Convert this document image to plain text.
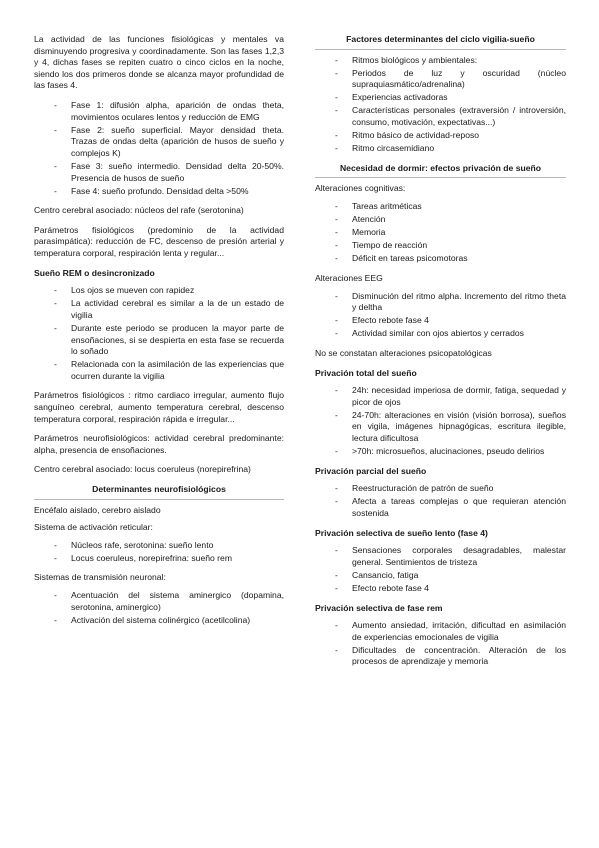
La actividad de las funciones fisiológicas y mentales va disminuyendo progresiva y coordinadamente. Son las fases 1,2,3 y 4, dichas fases se repiten cuatro o cinco ciclos en la noche, siendo los dos primeros donde se alcanza mayor profundidad de las fases 4.

- Fase 1: difusión alpha, aparición de ondas theta, movimientos oculares lentos y reducción de EMG
- Fase 2: sueño superficial. Mayor densidad theta. Trazas de ondas delta (aparición de husos de sueño y complejos K)
- Fase 3: sueño intermedio. Densidad delta 20-50%. Presencia de husos de sueño
- Fase 4: sueño profundo. Densidad delta >50%

Centro cerebral asociado: núcleos del rafe (serotonina)

Parámetros fisiológicos (predominio de la actividad parasimpática): reducción de FC, descenso de presión arterial y temperatura corporal, respiración lenta y regular...

Sueño REM o desincronizado
- Los ojos se mueven con rapidez
- La actividad cerebral es similar a la de un estado de vigilia
- Durante este periodo se producen la mayor parte de ensoñaciones, si se despierta en esta fase se recuerda lo soñado
- Relacionada con la asimilación de las experiencias que ocurren durante la vigilia

Parámetros fisiológicos : ritmo cardiaco irregular, aumento flujo sanguíneo cerebral, aumento temperatura cerebral, descenso temperatura corporal, respiración rápida e irregular...

Parámetros neurofisiológicos: actividad cerebral predominante: alpha, presencia de ensoñaciones.

Centro cerebral asociado: locus coeruleus (norepirefrina)

Determinantes neurofisiológicos

Encéfalo aislado, cerebro aislado

Sistema de activación reticular:

- Núcleos rafe, serotonina: sueño lento
- Locus coeruleus, norepirefrina: sueño rem

Sistemas de transmisión neuronal:

- Acentuación del sistema aminergico (dopamina, serotonina, aminergico)
- Activación del sistema colinérgico (acetilcolina)
Factores determinantes del ciclo vigilia-sueño
- Ritmos biológicos y ambientales:
- Periodos de luz y oscuridad (núcleo supraquiasmático/adrenalina)
- Experiencias activadoras
- Características personales (extraversión / introversión, consumo, motivación, expectativas...)
- Ritmo básico de actividad-reposo
- Ritmo circasemidiano
Necesidad de dormir: efectos privación de sueño

Alteraciones cognitivas:

- Tareas aritméticas
- Atención
- Memoria
- Tiempo de reacción
- Déficit en tareas psicomotoras

Alteraciones EEG

- Disminución del ritmo alpha. Incremento del ritmo theta y deltha
- Efecto rebote fase 4
- Actividad similar con ojos abiertos y cerrados

No se constatan alteraciones psicopatológicas

Privación total del sueño
- 24h: necesidad imperiosa de dormir, fatiga, sequedad y picor de ojos
- 24-70h: alteraciones en visión (visión borrosa), sueños en vigila, imágenes hipnagógicas, escritura ilegible, lectura dificultosa
- >70h: microsueños, alucinaciones, pseudo delirios
Privación parcial del sueño
- Reestructuración de patrón de sueño
- Afecta a tareas complejas o que requieran atención sostenida
Privación selectiva de sueño lento (fase 4)
- Sensaciones corporales desagradables, malestar general. Sentimientos de tristeza
- Cansancio, fatiga
- Efecto rebote fase 4
Privación selectiva de fase rem
- Aumento ansiedad, irritación, dificultad en asimilación de experiencias emocionales de vigilia
- Dificultades de concentración. Alteración de los procesos de aprendizaje y memoria
